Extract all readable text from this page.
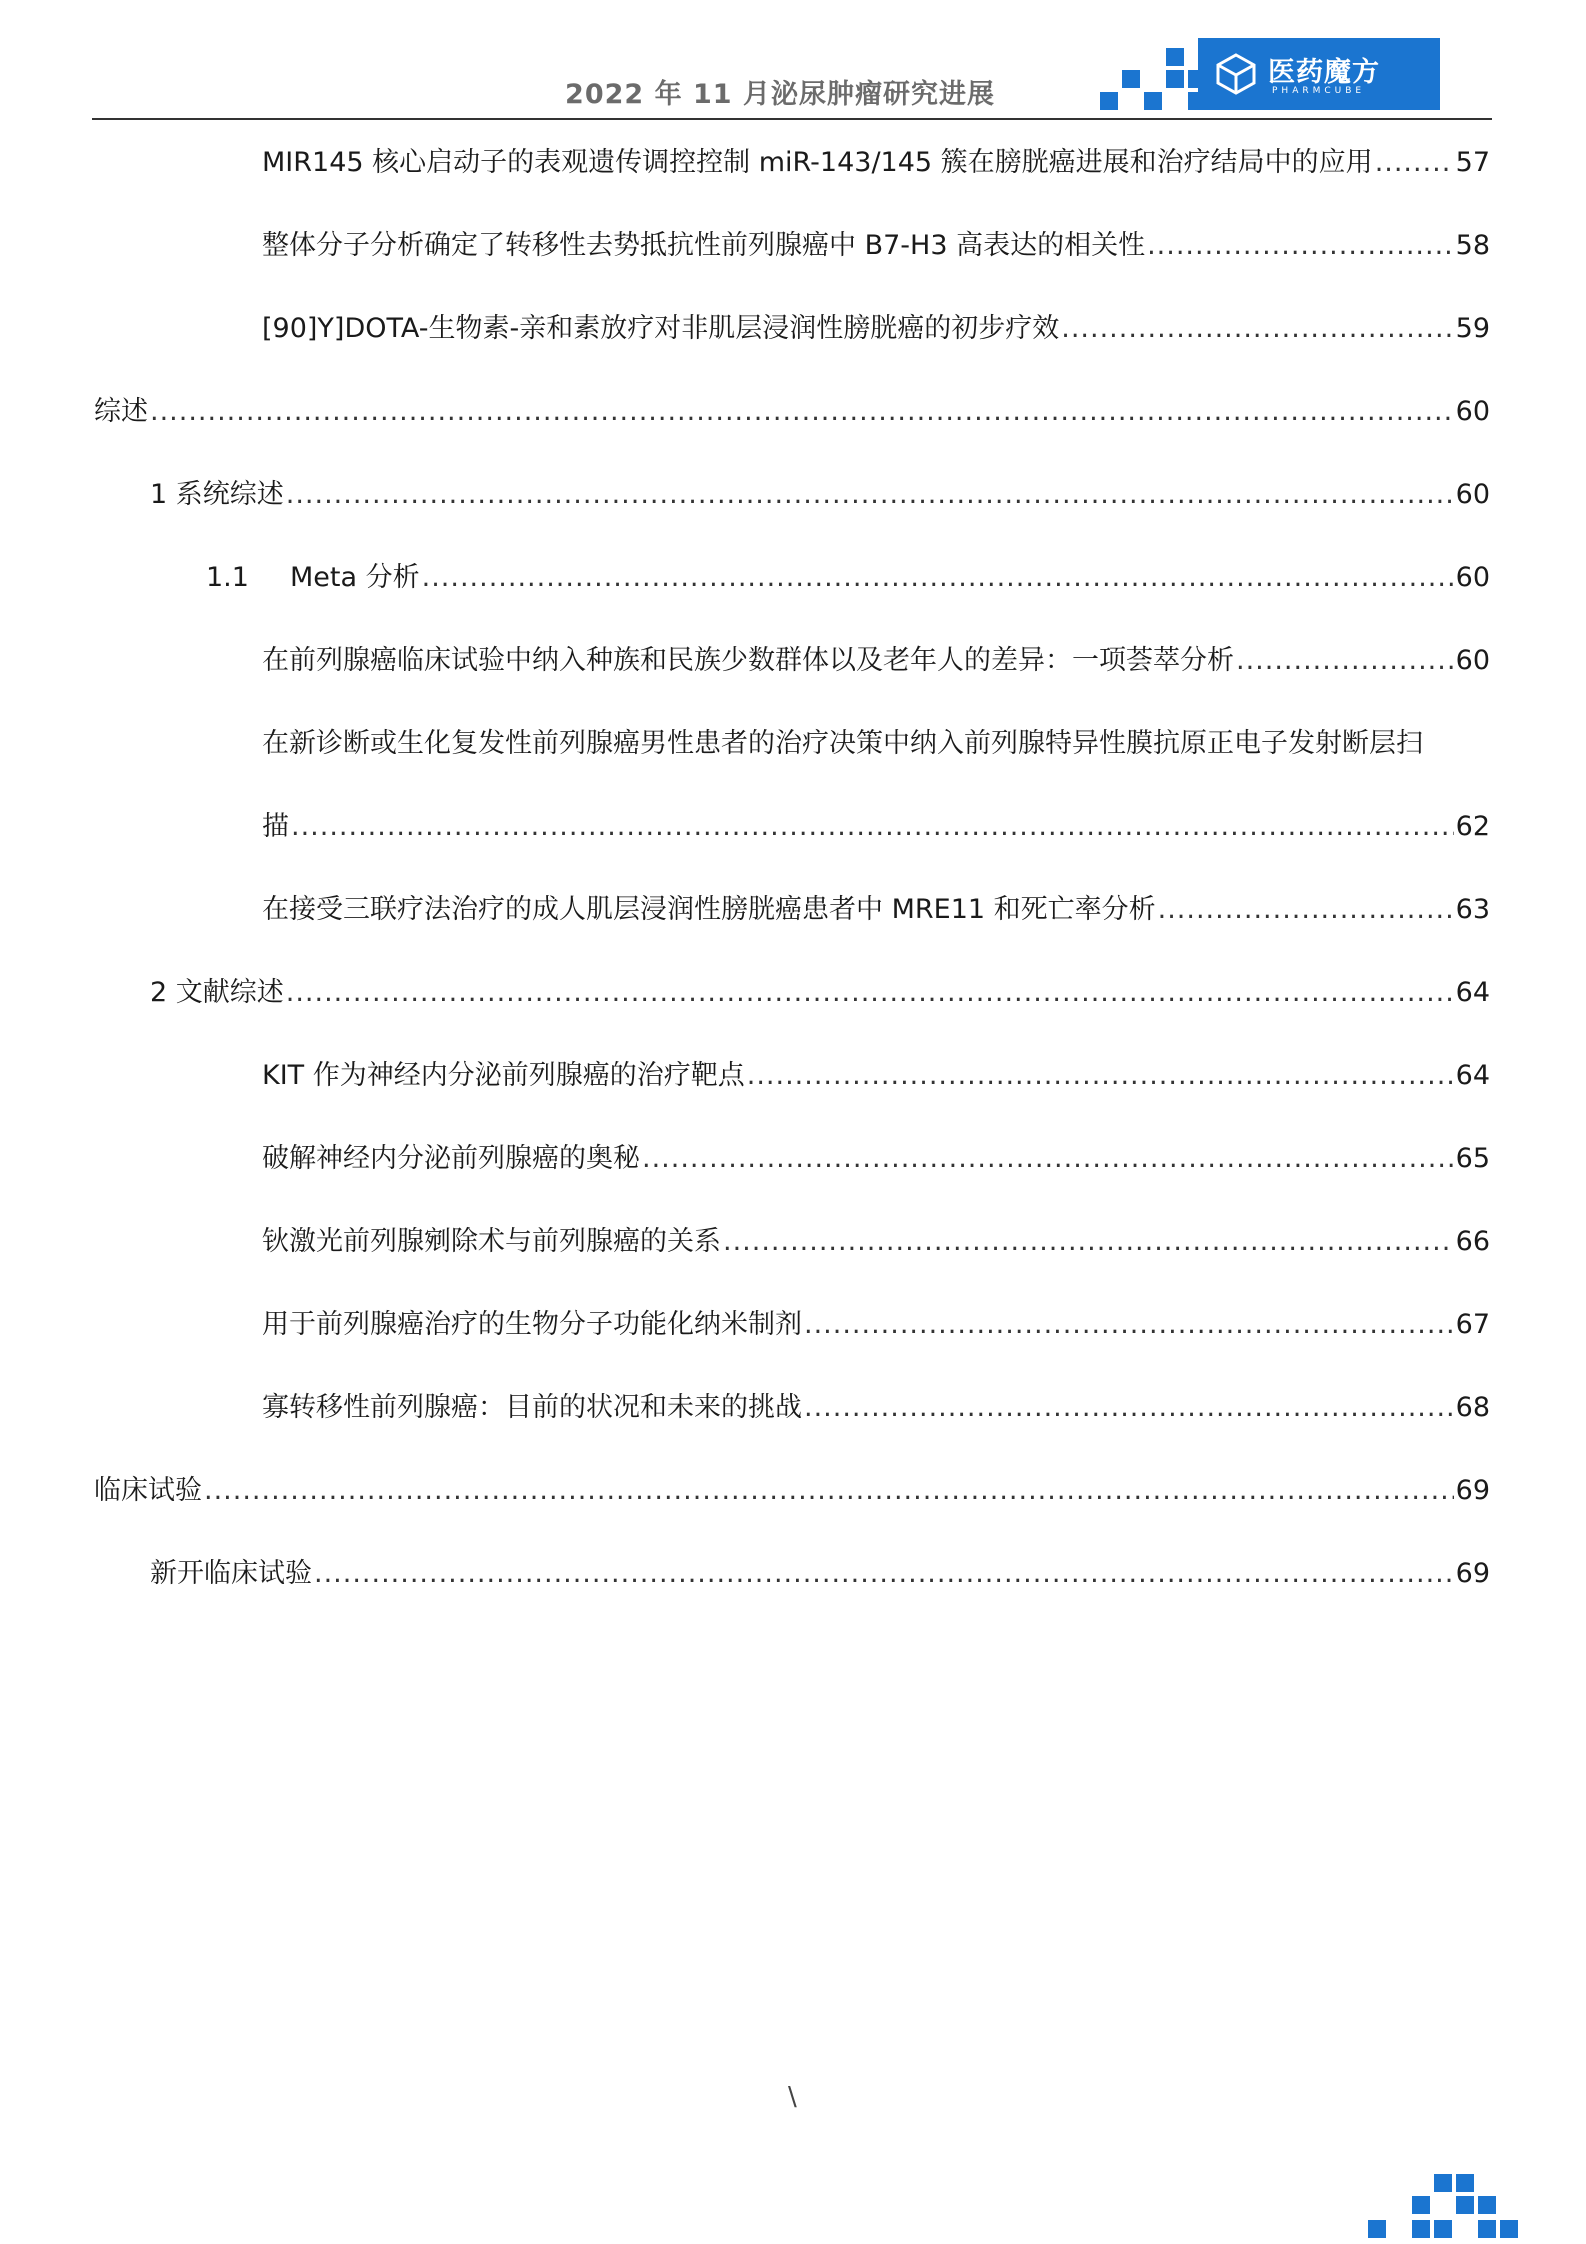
2022 年 11 月泌尿肿瘤研究进展
医药魔方
PHARMCUBE
MIR145 核心启动子的表观遗传调控控制 miR-143/145 簇在膀胱癌进展和治疗结局中的应用 .....	57
整体分子分析确定了转移性去势抵抗性前列腺癌中 B7-H3 高表达的相关性 .....	58
[90]Y]DOTA-生物素-亲和素放疗对非肌层浸润性膀胱癌的初步疗效 .....	59
综述 .....	60
1 系统综述 .....	60
1.1 Meta 分析 .....	60
在前列腺癌临床试验中纳入种族和民族少数群体以及老年人的差异：一项荟萃分析 .....	60
在新诊断或生化复发性前列腺癌男性患者的治疗决策中纳入前列腺特异性膜抗原正电子发射断层扫
描 .....	62
在接受三联疗法治疗的成人肌层浸润性膀胱癌患者中 MRE11 和死亡率分析 .....	63
2 文献综述 .....	64
KIT 作为神经内分泌前列腺癌的治疗靶点 .....	64
破解神经内分泌前列腺癌的奥秘 .....	65
钬激光前列腺剜除术与前列腺癌的关系 .....	66
用于前列腺癌治疗的生物分子功能化纳米制剂 .....	67
寡转移性前列腺癌：目前的状况和未来的挑战 .....	68
临床试验 .....	69
新开临床试验 .....	69
\
